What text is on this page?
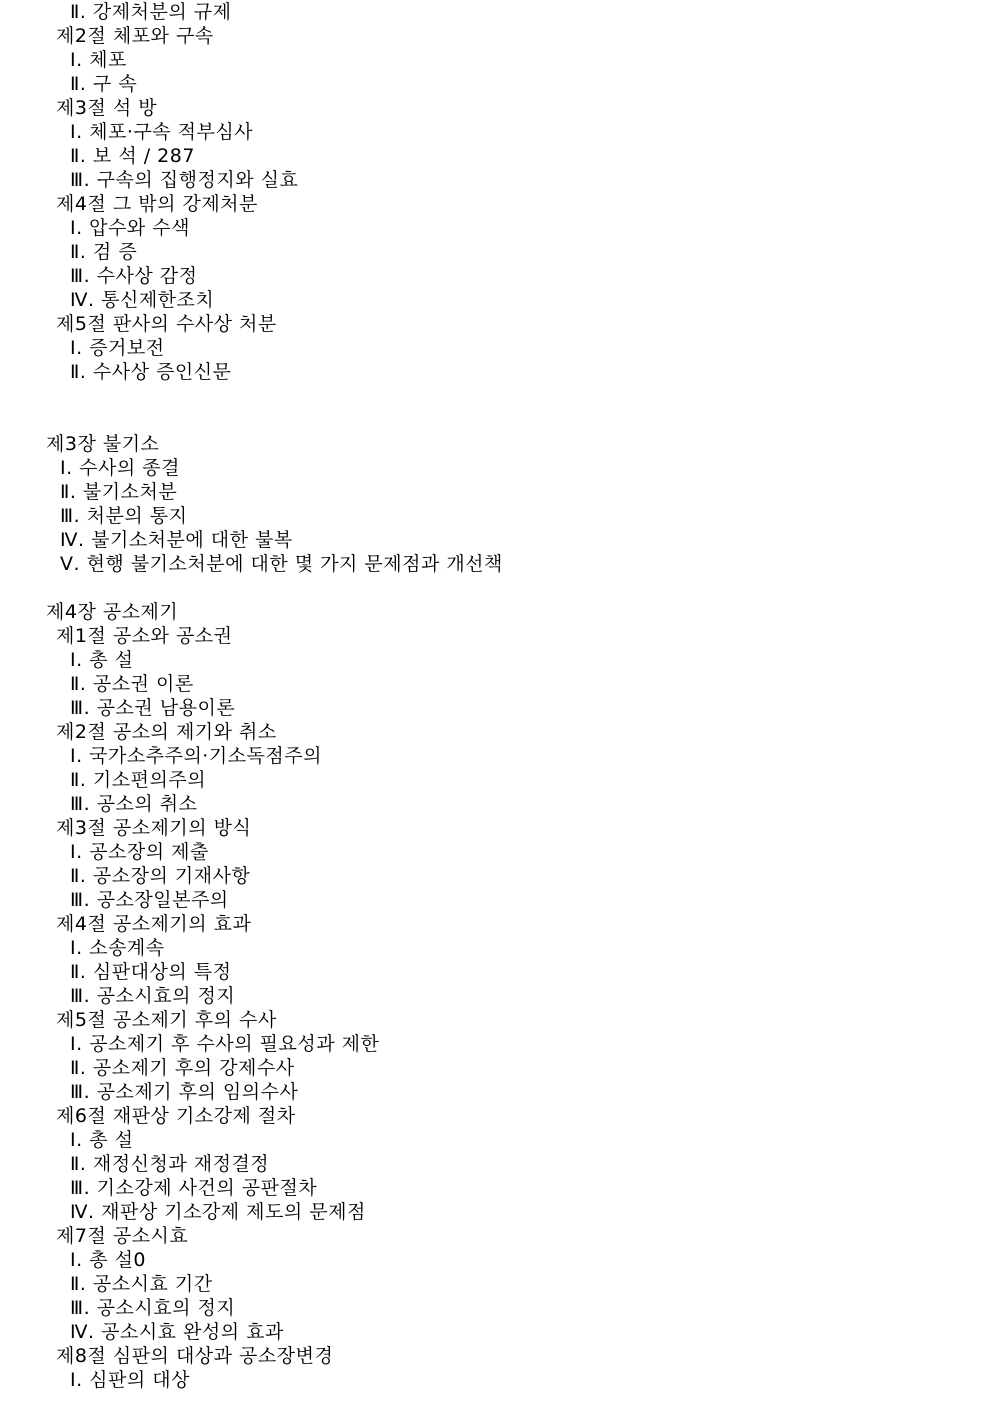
Ⅱ. 강제처분의 규제
제2절 체포와 구속
Ⅰ. 체포
Ⅱ. 구 속
제3절 석 방
Ⅰ. 체포·구속 적부심사
Ⅱ. 보 석 / 287
Ⅲ. 구속의 집행정지와 실효
제4절 그 밖의 강제처분
Ⅰ. 압수와 수색
Ⅱ. 검 증
Ⅲ. 수사상 감정
Ⅳ. 통신제한조치
제5절 판사의 수사상 처분
Ⅰ. 증거보전
Ⅱ. 수사상 증인신문
제3장 불기소
Ⅰ. 수사의 종결
Ⅱ. 불기소처분
Ⅲ. 처분의 통지
Ⅳ. 불기소처분에 대한 불복
Ⅴ. 현행 불기소처분에 대한 몇 가지 문제점과 개선책
제4장 공소제기
제1절 공소와 공소권
Ⅰ. 총 설
Ⅱ. 공소권 이론
Ⅲ. 공소권 남용이론
제2절 공소의 제기와 취소
Ⅰ. 국가소추주의·기소독점주의
Ⅱ. 기소편의주의
Ⅲ. 공소의 취소
제3절 공소제기의 방식
Ⅰ. 공소장의 제출
Ⅱ. 공소장의 기재사항
Ⅲ. 공소장일본주의
제4절 공소제기의 효과
Ⅰ. 소송계속
Ⅱ. 심판대상의 특정
Ⅲ. 공소시효의 정지
제5절 공소제기 후의 수사
Ⅰ. 공소제기 후 수사의 필요성과 제한
Ⅱ. 공소제기 후의 강제수사
Ⅲ. 공소제기 후의 임의수사
제6절 재판상 기소강제 절차
Ⅰ. 총 설
Ⅱ. 재정신청과 재정결정
Ⅲ. 기소강제 사건의 공판절차
Ⅳ. 재판상 기소강제 제도의 문제점
제7절 공소시효
Ⅰ. 총 설0
Ⅱ. 공소시효 기간
Ⅲ. 공소시효의 정지
Ⅳ. 공소시효 완성의 효과
제8절 심판의 대상과 공소장변경
Ⅰ. 심판의 대상
